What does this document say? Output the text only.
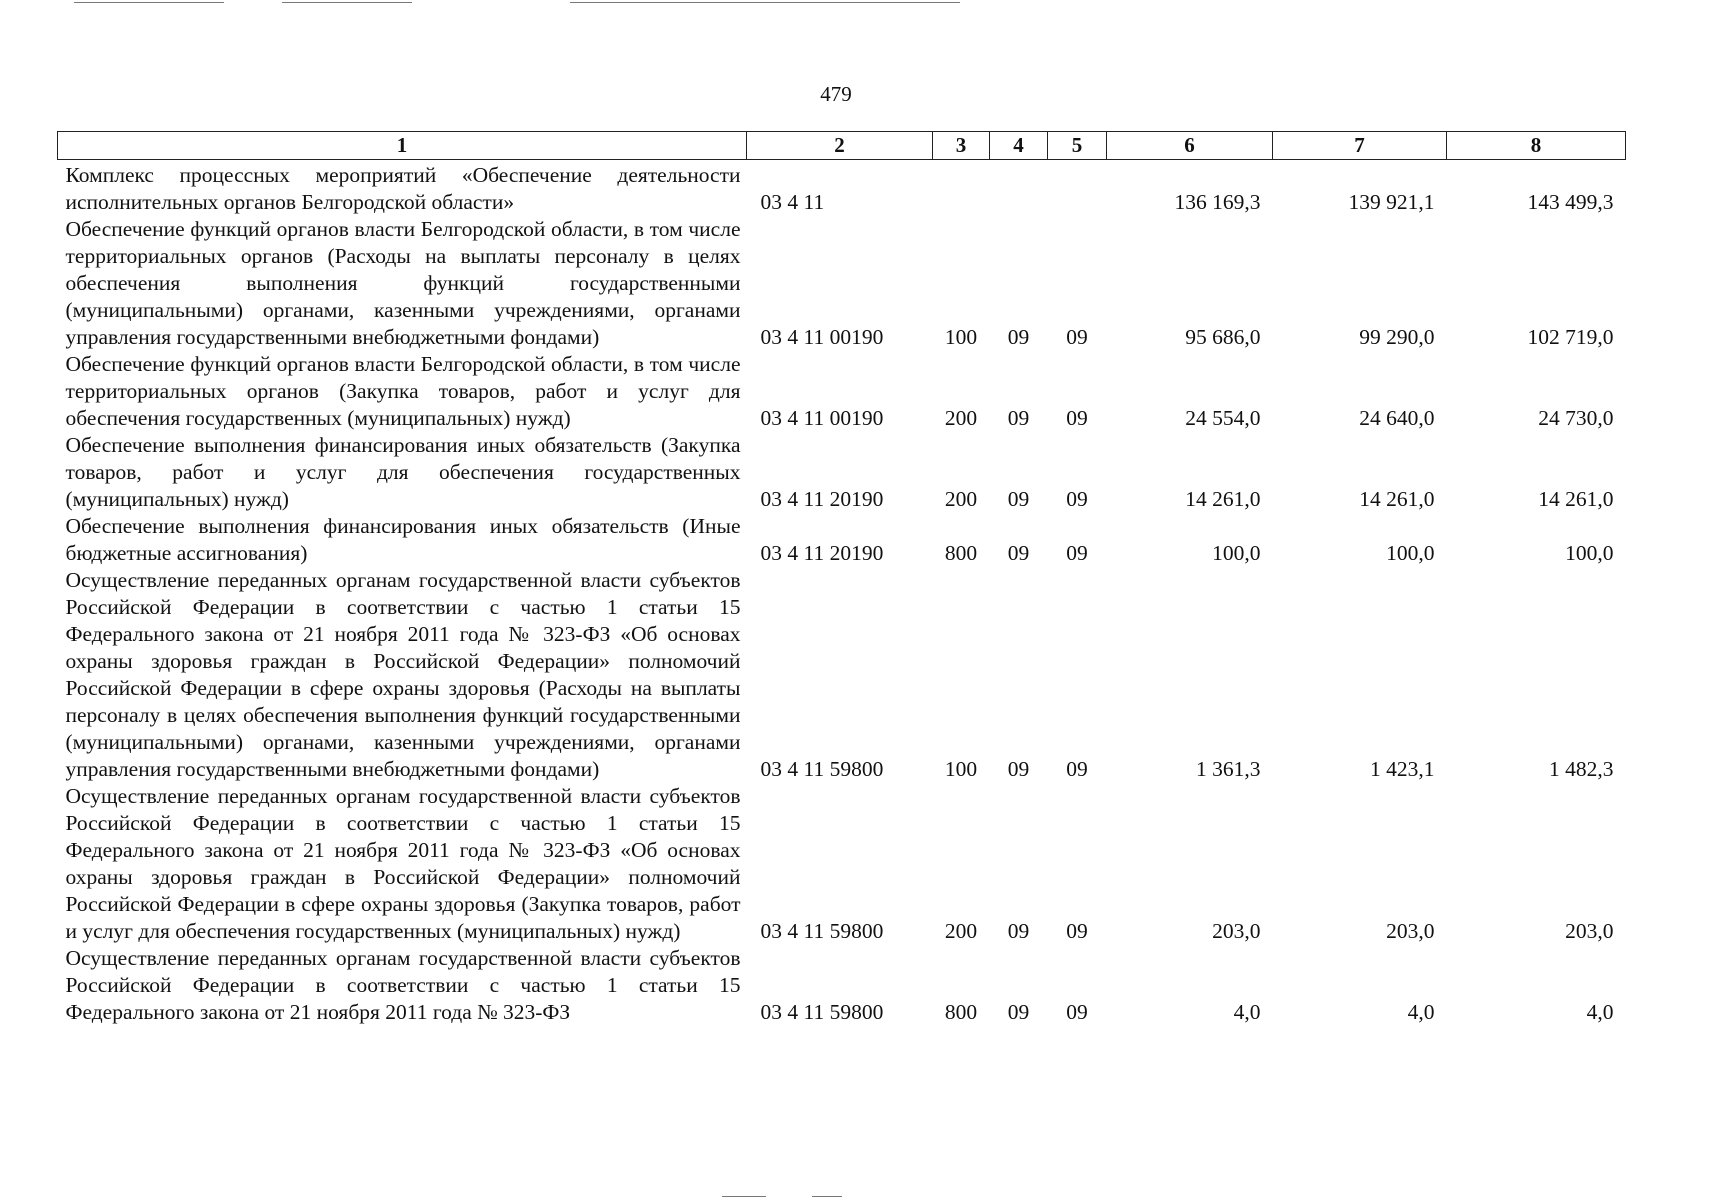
479
1	2	3	4	5	6	7	8
Комплекс процессных мероприятий «Обеспечение деятельности исполнительных органов Белгородской области»	03 4 11				136 169,3	139 921,1	143 499,3
Обеспечение функций органов власти Белгородской области, в том числе территориальных органов (Расходы на выплаты персоналу в целях обеспечения выполнения функций государственными (муниципальными) органами, казенными учреждениями, органами управления государственными внебюджетными фондами)	03 4 11 00190	100	09	09	95 686,0	99 290,0	102 719,0
Обеспечение функций органов власти Белгородской области, в том числе территориальных органов (Закупка товаров, работ и услуг для обеспечения государственных (муниципальных) нужд)	03 4 11 00190	200	09	09	24 554,0	24 640,0	24 730,0
Обеспечение выполнения финансирования иных обязательств (Закупка товаров, работ и услуг для обеспечения государственных (муниципальных) нужд)	03 4 11 20190	200	09	09	14 261,0	14 261,0	14 261,0
Обеспечение выполнения финансирования иных обязательств (Иные бюджетные ассигнования)	03 4 11 20190	800	09	09	100,0	100,0	100,0
Осуществление переданных органам государственной власти субъектов Российской Федерации в соответствии с частью 1 статьи 15 Федерального закона от 21 ноября 2011 года № 323-ФЗ «Об основах охраны здоровья граждан в Российской Федерации» полномочий Российской Федерации в сфере охраны здоровья (Расходы на выплаты персоналу в целях обеспечения выполнения функций государственными (муниципальными) органами, казенными учреждениями, органами управления государственными внебюджетными фондами)	03 4 11 59800	100	09	09	1 361,3	1 423,1	1 482,3
Осуществление переданных органам государственной власти субъектов Российской Федерации в соответствии с частью 1 статьи 15 Федерального закона от 21 ноября 2011 года № 323-ФЗ «Об основах охраны здоровья граждан в Российской Федерации» полномочий Российской Федерации в сфере охраны здоровья (Закупка товаров, работ и услуг для обеспечения государственных (муниципальных) нужд)	03 4 11 59800	200	09	09	203,0	203,0	203,0
Осуществление переданных органам государственной власти субъектов Российской Федерации в соответствии с частью 1 статьи 15 Федерального закона от 21 ноября 2011 года № 323-ФЗ	03 4 11 59800	800	09	09	4,0	4,0	4,0
